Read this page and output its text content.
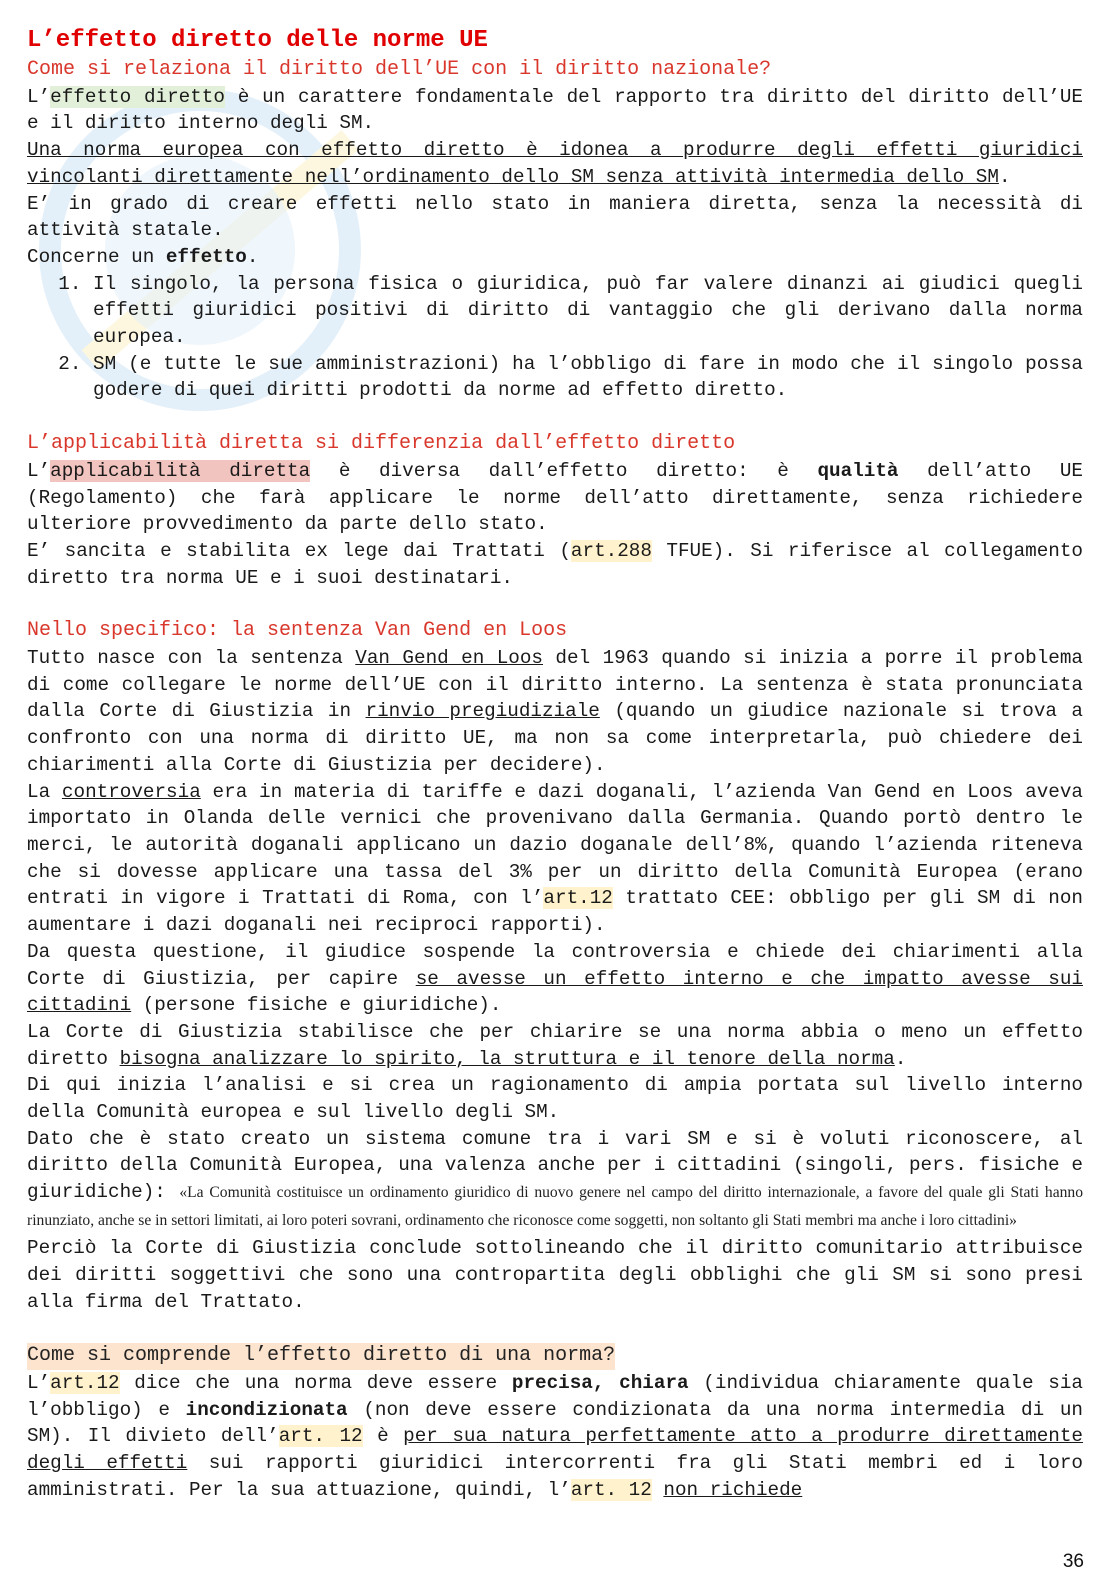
L’effetto diretto delle norme UE
Come si relaziona il diritto dell’UE con il diritto nazionale?

L’effetto diretto è un carattere fondamentale del rapporto tra diritto del diritto dell’UE e il diritto interno degli SM.

Una norma europea con effetto diretto è idonea a produrre degli effetti giuridici vincolanti direttamente nell’ordinamento dello SM senza attività intermedia dello SM.

E’ in grado di creare effetti nello stato in maniera diretta, senza la necessità di attività statale.

Concerne un effetto.

1. Il singolo, la persona fisica o giuridica, può far valere dinanzi ai giudici quegli effetti giuridici positivi di diritto di vantaggio che gli derivano dalla norma europea.
2. SM (e tutte le sue amministrazioni) ha l’obbligo di fare in modo che il singolo possa godere di quei diritti prodotti da norme ad effetto diretto.
L’applicabilità diretta si differenzia dall’effetto diretto

L’applicabilità diretta è diversa dall’effetto diretto: è qualità dell’atto UE (Regolamento) che farà applicare le norme dell’atto direttamente, senza richiedere ulteriore provvedimento da parte dello stato.

E’ sancita e stabilita ex lege dai Trattati (art.288 TFUE). Si riferisce al collegamento diretto tra norma UE e i suoi destinatari.

Nello specifico: la sentenza Van Gend en Loos

Tutto nasce con la sentenza Van Gend en Loos del 1963 quando si inizia a porre il problema di come collegare le norme dell’UE con il diritto interno. La sentenza è stata pronunciata dalla Corte di Giustizia in rinvio pregiudiziale (quando un giudice nazionale si trova a confronto con una norma di diritto UE, ma non sa come interpretarla, può chiedere dei chiarimenti alla Corte di Giustizia per decidere).

La controversia era in materia di tariffe e dazi doganali, l’azienda Van Gend en Loos aveva importato in Olanda delle vernici che provenivano dalla Germania. Quando portò dentro le merci, le autorità doganali applicano un dazio doganale dell’8%, quando l’azienda riteneva che si dovesse applicare una tassa del 3% per un diritto della Comunità Europea (erano entrati in vigore i Trattati di Roma, con l’art.12 trattato CEE: obbligo per gli SM di non aumentare i dazi doganali nei reciproci rapporti).

Da questa questione, il giudice sospende la controversia e chiede dei chiarimenti alla Corte di Giustizia, per capire se avesse un effetto interno e che impatto avesse sui cittadini (persone fisiche e giuridiche).

La Corte di Giustizia stabilisce che per chiarire se una norma abbia o meno un effetto diretto bisogna analizzare lo spirito, la struttura e il tenore della norma.

Di qui inizia l’analisi e si crea un ragionamento di ampia portata sul livello interno della Comunità europea e sul livello degli SM.

Dato che è stato creato un sistema comune tra i vari SM e si è voluti riconoscere, al diritto della Comunità Europea, una valenza anche per i cittadini (singoli, pers. fisiche e giuridiche): «La Comunità costituisce un ordinamento giuridico di nuovo genere nel campo del diritto internazionale, a favore del quale gli Stati hanno rinunziato, anche se in settori limitati, ai loro poteri sovrani, ordinamento che riconosce come soggetti, non soltanto gli Stati membri ma anche i loro cittadini»

Perciò la Corte di Giustizia conclude sottolineando che il diritto comunitario attribuisce dei diritti soggettivi che sono una contropartita degli obblighi che gli SM si sono presi alla firma del Trattato.

Come si comprende l’effetto diretto di una norma?

L’art.12 dice che una norma deve essere precisa, chiara (individua chiaramente quale sia l’obbligo) e incondizionata (non deve essere condizionata da una norma intermedia di un SM). Il divieto dell’art. 12 è per sua natura perfettamente atto a produrre direttamente degli effetti sui rapporti giuridici intercorrenti fra gli Stati membri ed i loro amministrati. Per la sua attuazione, quindi, l’art. 12 non richiede

36
